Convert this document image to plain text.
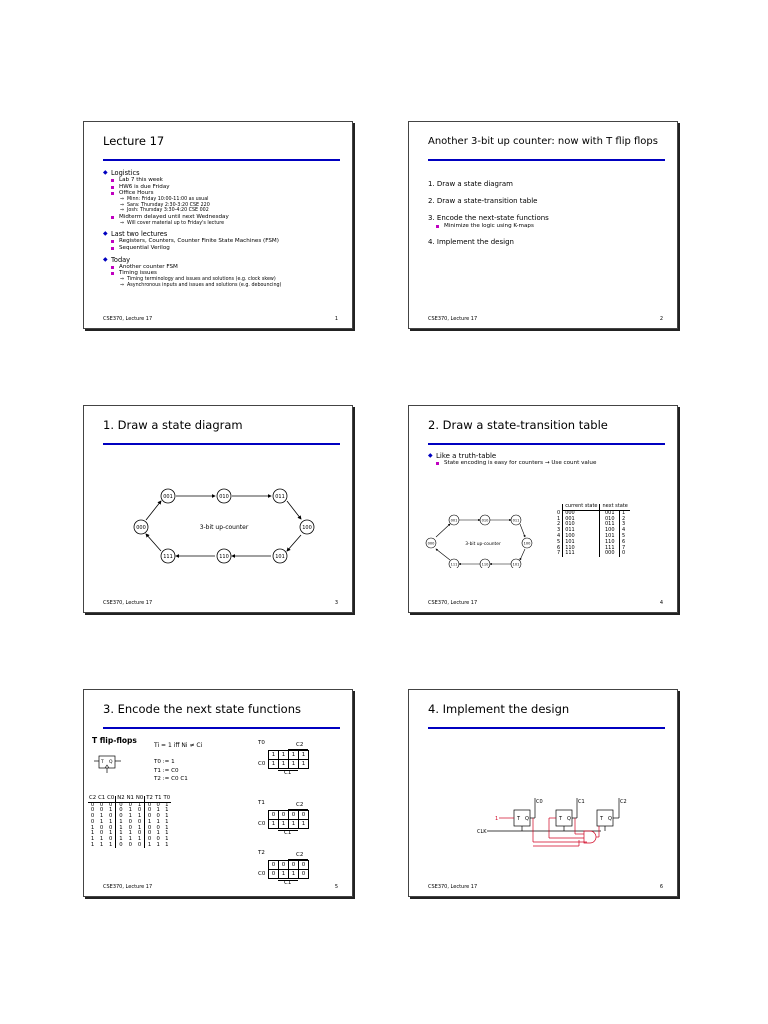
Lecture 17
◆ Logistics
Lab 7 this week
HW6 is due Friday
Office Hours
⇒ Minn: Friday 10:00-11:00 as usual
⇒ Sara: Thursday 2:30-3:20 CSE 220
⇒ Josh: Thursday 3:30-4:20 CSE 002
Midterm delayed until next Wednesday
⇒ Will cover material up to Friday's lecture
◆ Last two lectures
Registers, Counters, Counter Finite State Machines (FSM)
Sequential Verilog
◆ Today
Another counter FSM
Timing issues
⇒ Timing terminology and issues and solutions (e.g. clock skew)
⇒ Asynchronous inputs and issues and solutions (e.g. debouncing)
CSE370, Lecture 17	1
Another 3-bit up counter: now with T flip flops
1. Draw a state diagram
2. Draw a state-transition table
3. Encode the next-state functions
Minimize the logic using K-maps
4. Implement the design
CSE370, Lecture 17	2
1. Draw a state diagram
001	010	011
100
101
110
111
000	3-bit up-counter
CSE370, Lecture 17	3
2. Draw a state-transition table
◆ Like a truth-table
State encoding is easy for counters → Use count value
001	010	011
100
101
110
111
000	3-bit up-counter
	current state	next state	
0	000	001	1
1	001	010	2
2	010	011	3
3	011	100	4
4	100	101	5
5	101	110	6
6	110	111	7
7	111	000	0
CSE370, Lecture 17	4
3. Encode the next state functions
T flip-flops
Ti = 1 iff Ni ≠ Ci
T0 := 1
T1 := C0
T2 := C0 C1
T Q
C2	C1	C0	N2	N1	N0	T2	T1	T0
0	0	0	0	0	1	0	0	1
0	0	1	0	1	0	0	1	1
0	1	0	0	1	1	0	0	1
0	1	1	1	0	0	1	1	1
1	0	0	1	0	1	0	0	1
1	0	1	1	1	0	0	1	1
1	1	0	1	1	1	0	0	1
1	1	1	0	0	0	1	1	1
T0	C2
C0
1	1	1	1
1	1	1	1
C1
T1	C2
C0
0	0	0	0
1	1	1	1
C1
T2	C2
C0
0	0	0	0
0	1	1	0
C1
CSE370, Lecture 17	5
4. Implement the design
1
CLK
C0	C1	C2
T Q	T Q	T Q
CSE370, Lecture 17	6
